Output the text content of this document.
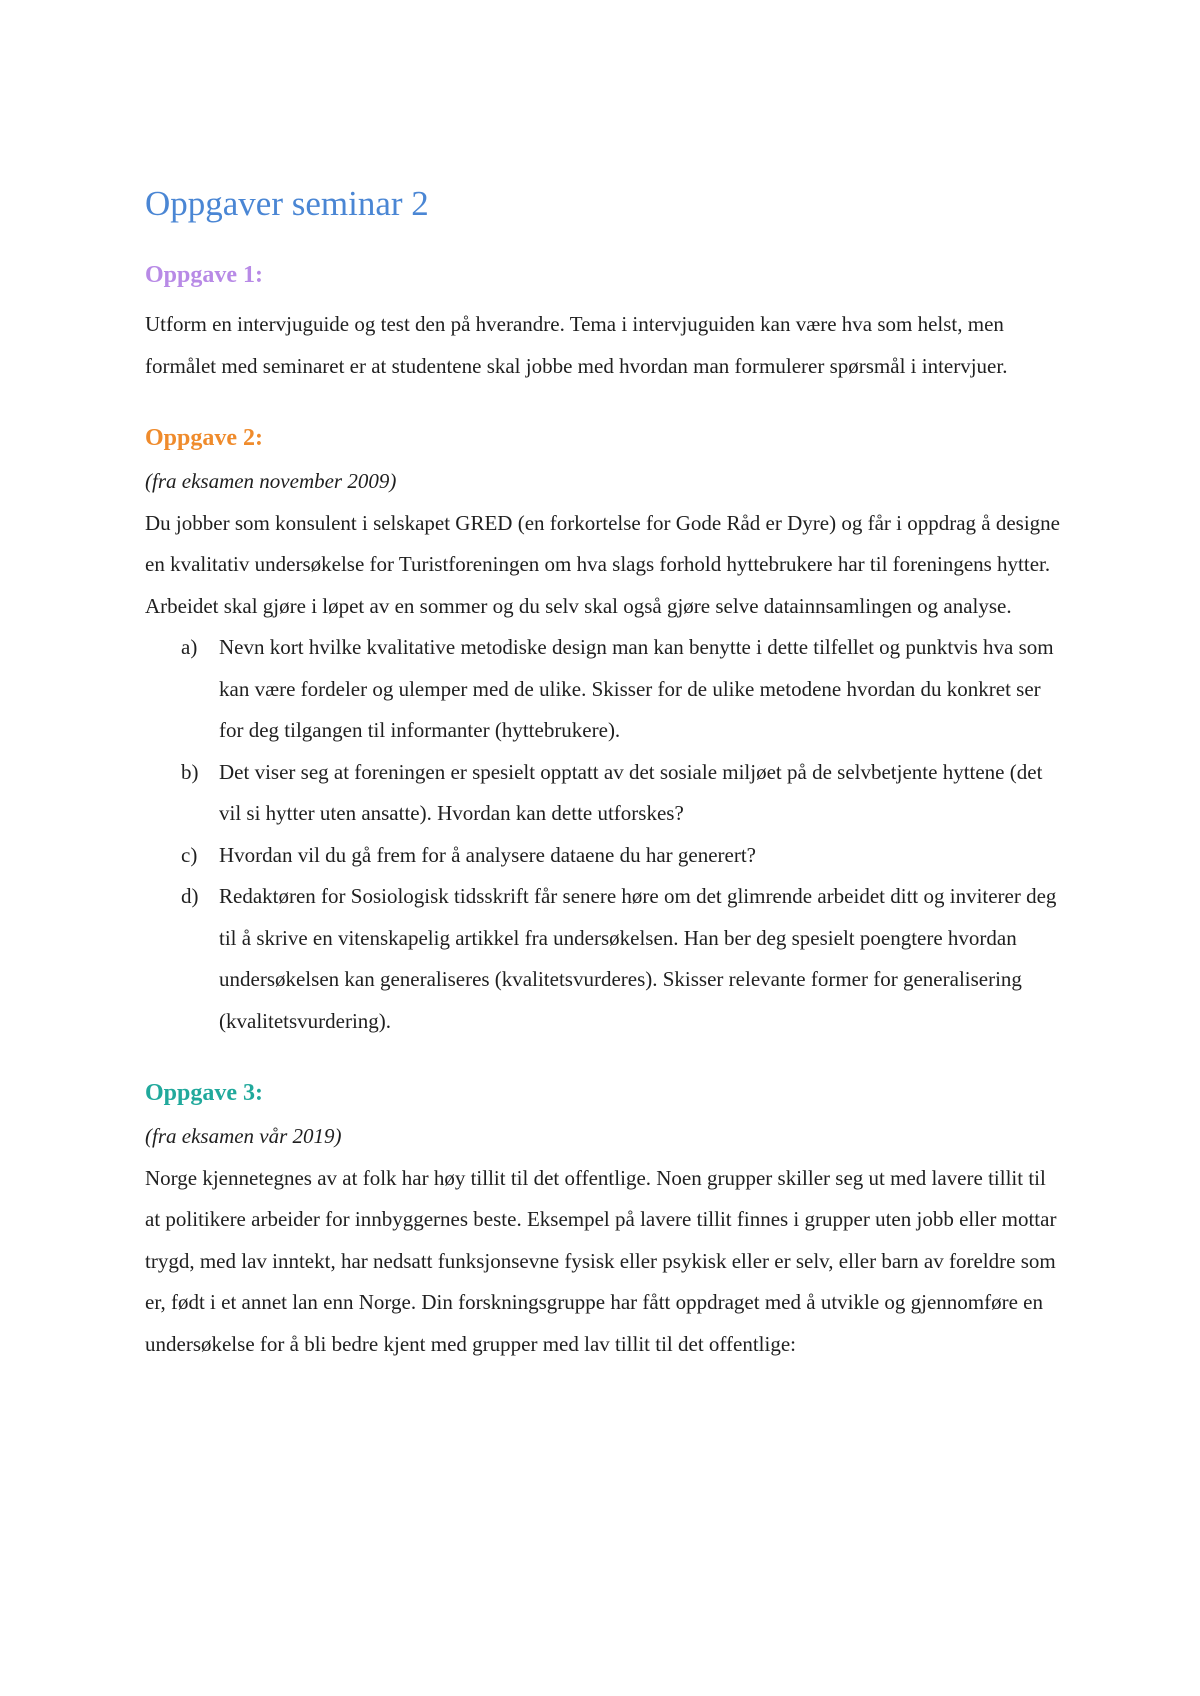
Oppgaver seminar 2
Oppgave 1:

Utform en intervjuguide og test den på hverandre. Tema i intervjuguiden kan være hva som helst, men formålet med seminaret er at studentene skal jobbe med hvordan man formulerer spørsmål i intervjuer.

Oppgave 2:

(fra eksamen november 2009)

Du jobber som konsulent i selskapet GRED (en forkortelse for Gode Råd er Dyre) og får i oppdrag å designe en kvalitativ undersøkelse for Turistforeningen om hva slags forhold hyttebrukere har til foreningens hytter. Arbeidet skal gjøre i løpet av en sommer og du selv skal også gjøre selve datainnsamlingen og analyse.

a) Nevn kort hvilke kvalitative metodiske design man kan benytte i dette tilfellet og punktvis hva som kan være fordeler og ulemper med de ulike. Skisser for de ulike metodene hvordan du konkret ser for deg tilgangen til informanter (hyttebrukere).
b) Det viser seg at foreningen er spesielt opptatt av det sosiale miljøet på de selvbetjente hyttene (det vil si hytter uten ansatte). Hvordan kan dette utforskes?
c) Hvordan vil du gå frem for å analysere dataene du har generert?
d) Redaktøren for Sosiologisk tidsskrift får senere høre om det glimrende arbeidet ditt og inviterer deg til å skrive en vitenskapelig artikkel fra undersøkelsen. Han ber deg spesielt poengtere hvordan undersøkelsen kan generaliseres (kvalitetsvurderes). Skisser relevante former for generalisering (kvalitetsvurdering).
Oppgave 3:

(fra eksamen vår 2019)

Norge kjennetegnes av at folk har høy tillit til det offentlige. Noen grupper skiller seg ut med lavere tillit til at politikere arbeider for innbyggernes beste. Eksempel på lavere tillit finnes i grupper uten jobb eller mottar trygd, med lav inntekt, har nedsatt funksjonsevne fysisk eller psykisk eller er selv, eller barn av foreldre som er, født i et annet lan enn Norge. Din forskningsgruppe har fått oppdraget med å utvikle og gjennomføre en undersøkelse for å bli bedre kjent med grupper med lav tillit til det offentlige:
